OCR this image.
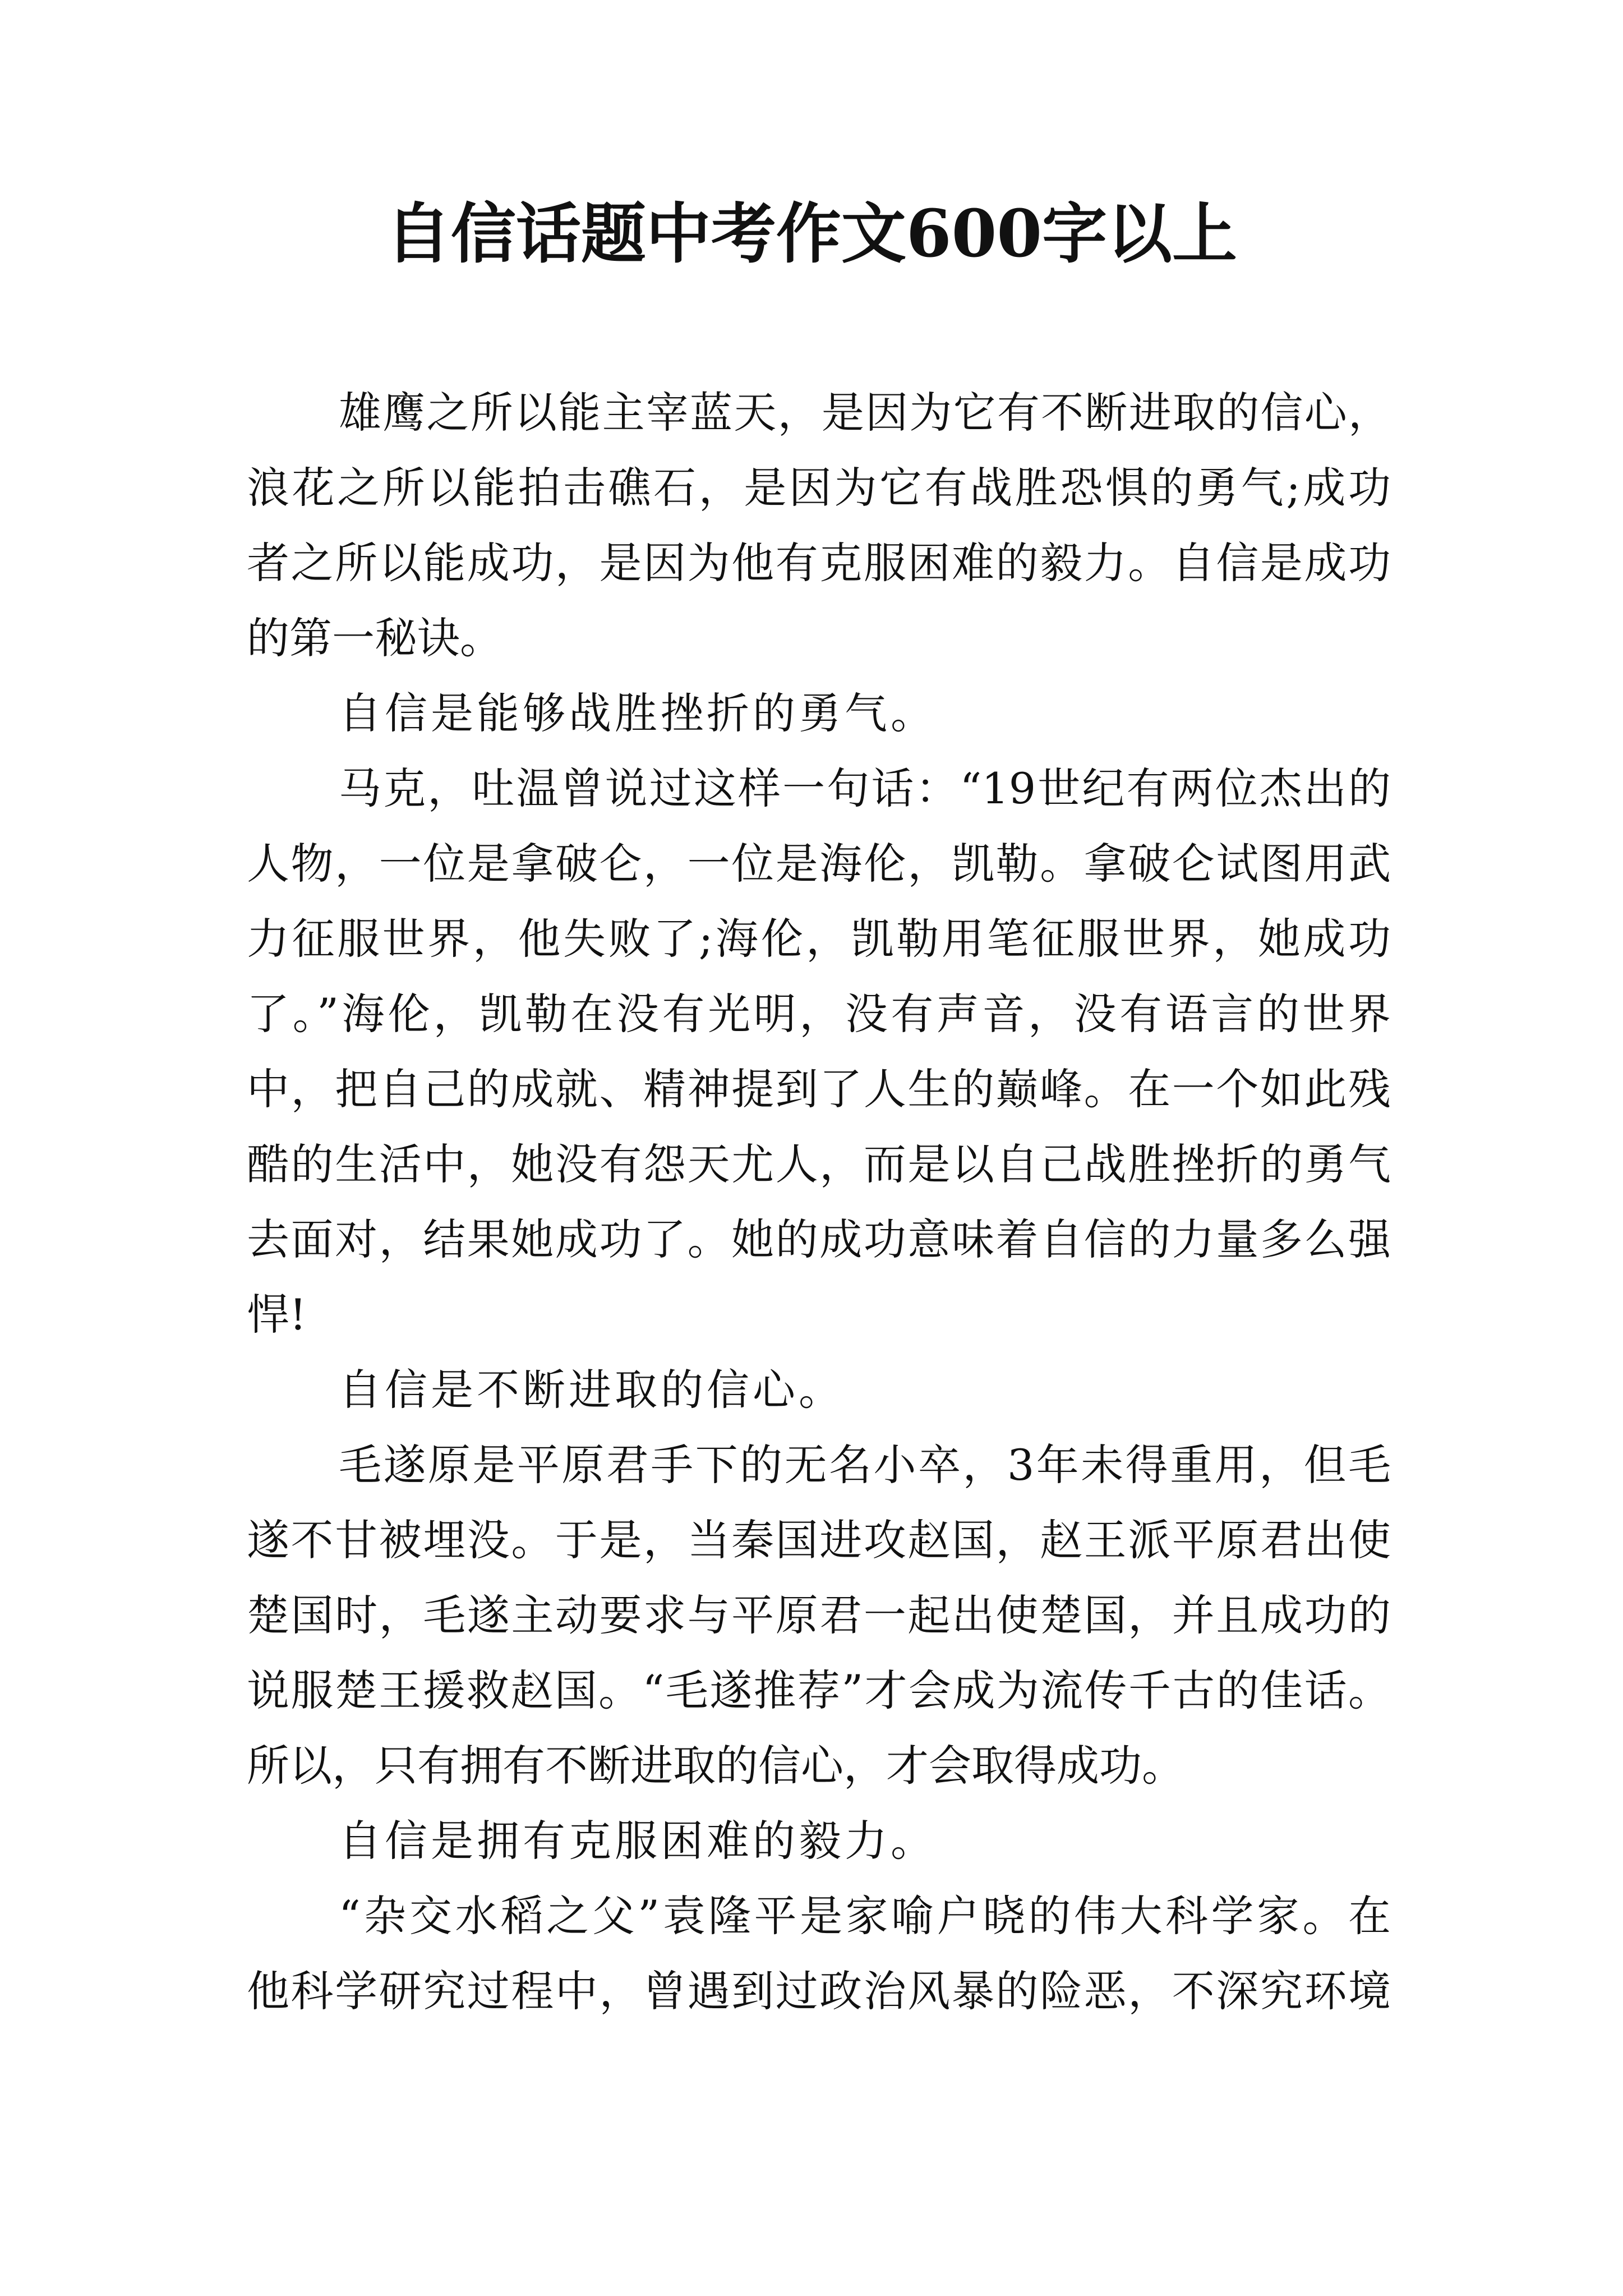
自信话题中考作文600字以上
雄鹰之所以能主宰蓝天，是因为它有不断进取的信心，
浪花之所以能拍击礁石，是因为它有战胜恐惧的勇气;成功
者之所以能成功，是因为他有克服困难的毅力。自信是成功
的第一秘诀。
自信是能够战胜挫折的勇气。
马克，吐温曾说过这样一句话：“19世纪有两位杰出的
人物，一位是拿破仑，一位是海伦，凯勒。拿破仑试图用武
力征服世界，他失败了;海伦，凯勒用笔征服世界，她成功
了。”海伦，凯勒在没有光明，没有声音，没有语言的世界
中，把自己的成就、精神提到了人生的巅峰。在一个如此残
酷的生活中，她没有怨天尤人，而是以自己战胜挫折的勇气
去面对，结果她成功了。她的成功意味着自信的力量多么强
悍!
自信是不断进取的信心。
毛遂原是平原君手下的无名小卒，3年未得重用，但毛
遂不甘被埋没。于是，当秦国进攻赵国，赵王派平原君出使
楚国时，毛遂主动要求与平原君一起出使楚国，并且成功的
说服楚王援救赵国。“毛遂推荐”才会成为流传千古的佳话。
所以，只有拥有不断进取的信心，才会取得成功。
自信是拥有克服困难的毅力。
“杂交水稻之父”袁隆平是家喻户晓的伟大科学家。在
他科学研究过程中，曾遇到过政治风暴的险恶，不深究环境
